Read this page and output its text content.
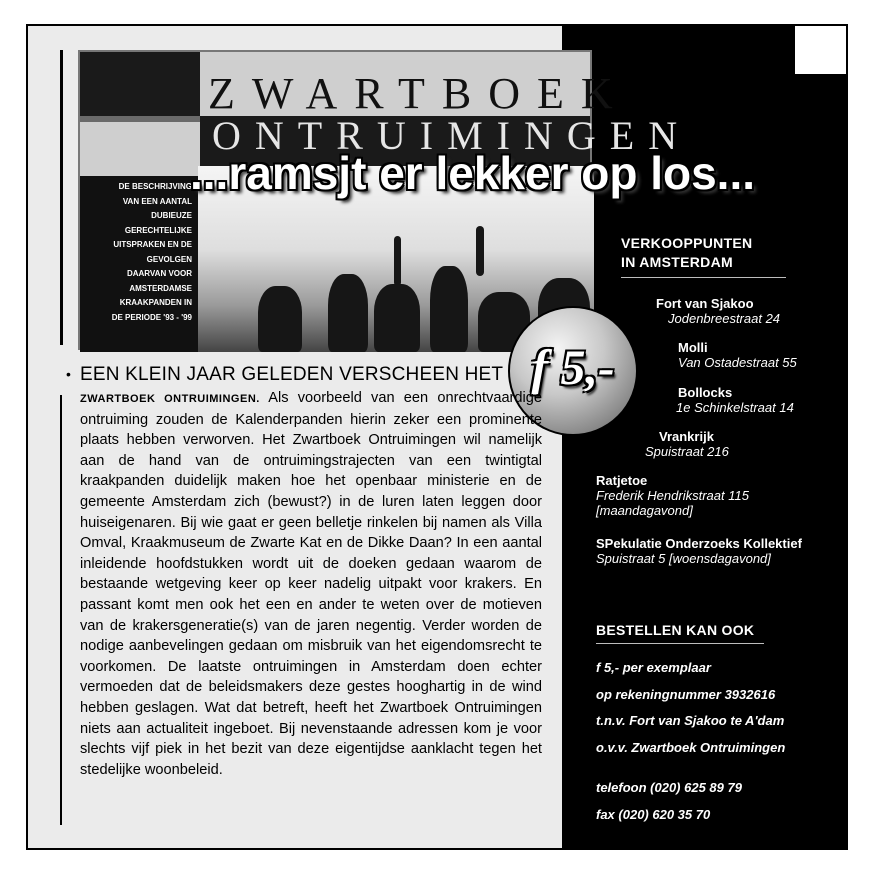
ZWARTBOEK
ONTRUIMINGEN
DE BESCHRIJVING
VAN EEN AANTAL
DUBIEUZE
GERECHTELIJKE
UITSPRAKEN EN DE
GEVOLGEN
DAARVAN VOOR
AMSTERDAMSE
KRAAKPANDEN IN
DE PERIODE '93 - '99
...ramsjt er lekker op los...
f 5,-
• EEN KLEIN JAAR GELEDEN VERSCHEEN HET
ZWARTBOEK ONTRUIMINGEN. Als voorbeeld van een onrechtvaardige ontruiming zouden de Kalenderpanden hierin zeker een prominente plaats hebben verworven. Het Zwartboek Ontruimingen wil namelijk aan de hand van de ontruimingstrajecten van een twintigtal kraakpanden duidelijk maken hoe het openbaar ministerie en de gemeente Amsterdam zich (bewust?) in de luren laten leggen door huiseigenaren. Bij wie gaat er geen belletje rinkelen bij namen als Villa Omval, Kraakmuseum de Zwarte Kat en de Dikke Daan? In een aantal inleidende hoofdstukken wordt uit de doeken gedaan waarom de bestaande wetgeving keer op keer nadelig uitpakt voor krakers. En passant komt men ook het een en ander te weten over de motieven van de krakersgeneratie(s) van de jaren negentig. Verder worden de nodige aanbevelingen gedaan om misbruik van het eigendomsrecht te voorkomen. De laatste ontruimingen in Amsterdam doen echter vermoeden dat de beleidsmakers deze gestes hooghartig in de wind hebben geslagen. Wat dat betreft, heeft het Zwartboek Ontruimingen niets aan actualiteit ingeboet. Bij nevenstaande adressen kom je voor slechts vijf piek in het bezit van deze eigentijdse aanklacht tegen het stedelijke woonbeleid.
VERKOOPPUNTEN
IN AMSTERDAM
Fort van Sjakoo
Jodenbreestraat 24
Molli
Van Ostadestraat 55
Bollocks
1e Schinkelstraat 14
Vrankrijk
Spuistraat 216
Ratjetoe
Frederik Hendrikstraat 115
[maandagavond]
SPekulatie Onderzoeks Kollektief
Spuistraat 5 [woensdagavond]
BESTELLEN KAN OOK
f 5,- per exemplaar
op rekeningnummer 3932616
t.n.v. Fort van Sjakoo te A'dam
o.v.v. Zwartboek Ontruimingen
telefoon (020) 625 89 79
fax (020) 620 35 70
